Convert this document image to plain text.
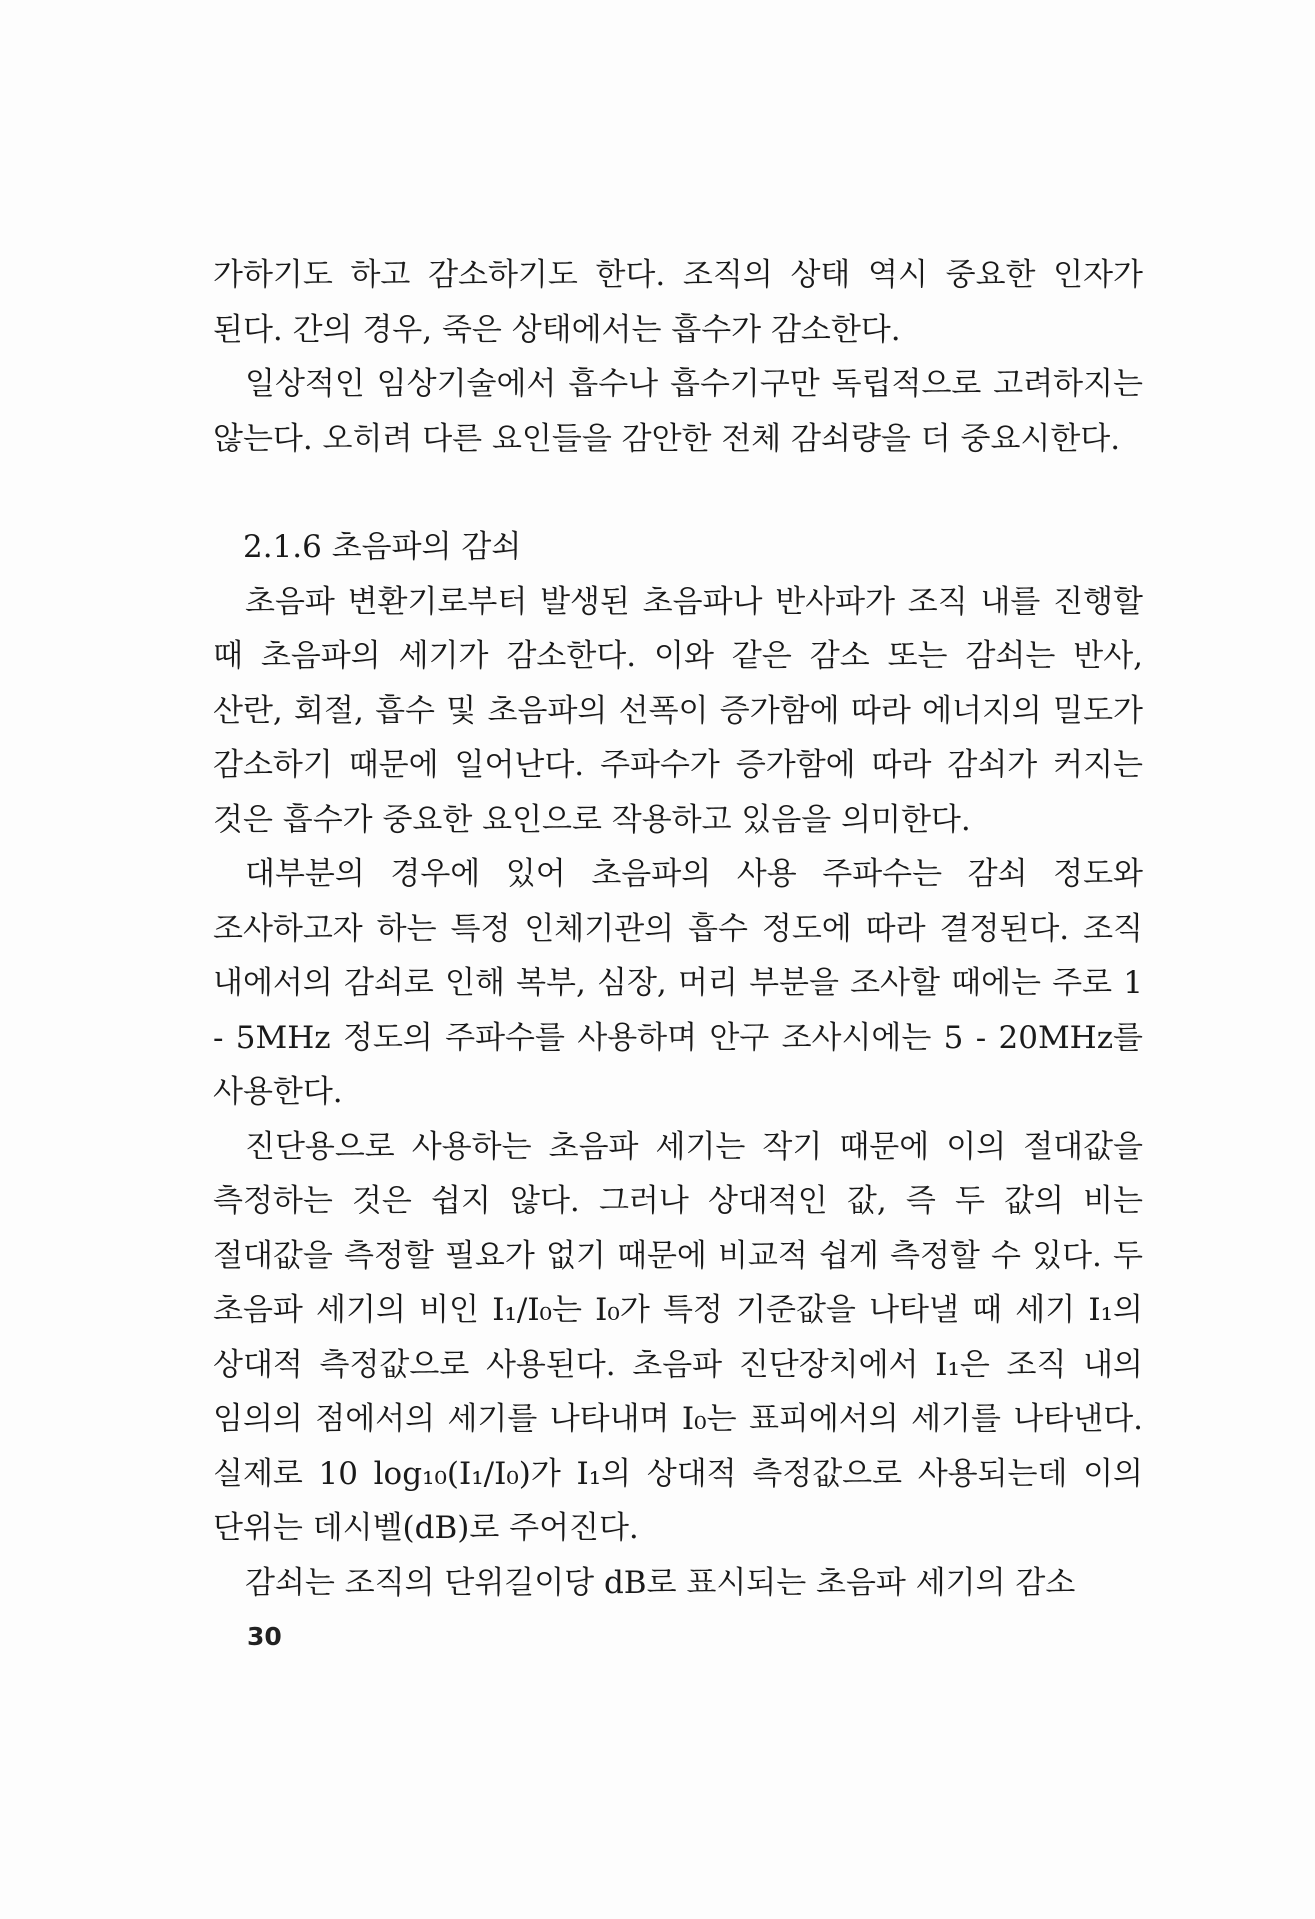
가하기도 하고 감소하기도 한다. 조직의 상태 역시 중요한 인자가 된다. 간의 경우, 죽은 상태에서는 흡수가 감소한다.

일상적인 임상기술에서 흡수나 흡수기구만 독립적으로 고려하지는 않는다. 오히려 다른 요인들을 감안한 전체 감쇠량을 더 중요시한다.

2.1.6 초음파의 감쇠

초음파 변환기로부터 발생된 초음파나 반사파가 조직 내를 진행할 때 초음파의 세기가 감소한다. 이와 같은 감소 또는 감쇠는 반사, 산란, 회절, 흡수 및 초음파의 선폭이 증가함에 따라 에너지의 밀도가 감소하기 때문에 일어난다. 주파수가 증가함에 따라 감쇠가 커지는 것은 흡수가 중요한 요인으로 작용하고 있음을 의미한다.

대부분의 경우에 있어 초음파의 사용 주파수는 감쇠 정도와 조사하고자 하는 특정 인체기관의 흡수 정도에 따라 결정된다. 조직 내에서의 감쇠로 인해 복부, 심장, 머리 부분을 조사할 때에는 주로 1 - 5MHz 정도의 주파수를 사용하며 안구 조사시에는 5 - 20MHz를 사용한다.

진단용으로 사용하는 초음파 세기는 작기 때문에 이의 절대값을 측정하는 것은 쉽지 않다. 그러나 상대적인 값, 즉 두 값의 비는 절대값을 측정할 필요가 없기 때문에 비교적 쉽게 측정할 수 있다. 두 초음파 세기의 비인 I₁/I₀는 I₀가 특정 기준값을 나타낼 때 세기 I₁의 상대적 측정값으로 사용된다. 초음파 진단장치에서 I₁은 조직 내의 임의의 점에서의 세기를 나타내며 I₀는 표피에서의 세기를 나타낸다. 실제로 10 log₁₀(I₁/I₀)가 I₁의 상대적 측정값으로 사용되는데 이의 단위는 데시벨(dB)로 주어진다.

감쇠는 조직의 단위길이당 dB로 표시되는 초음파 세기의 감소

30
